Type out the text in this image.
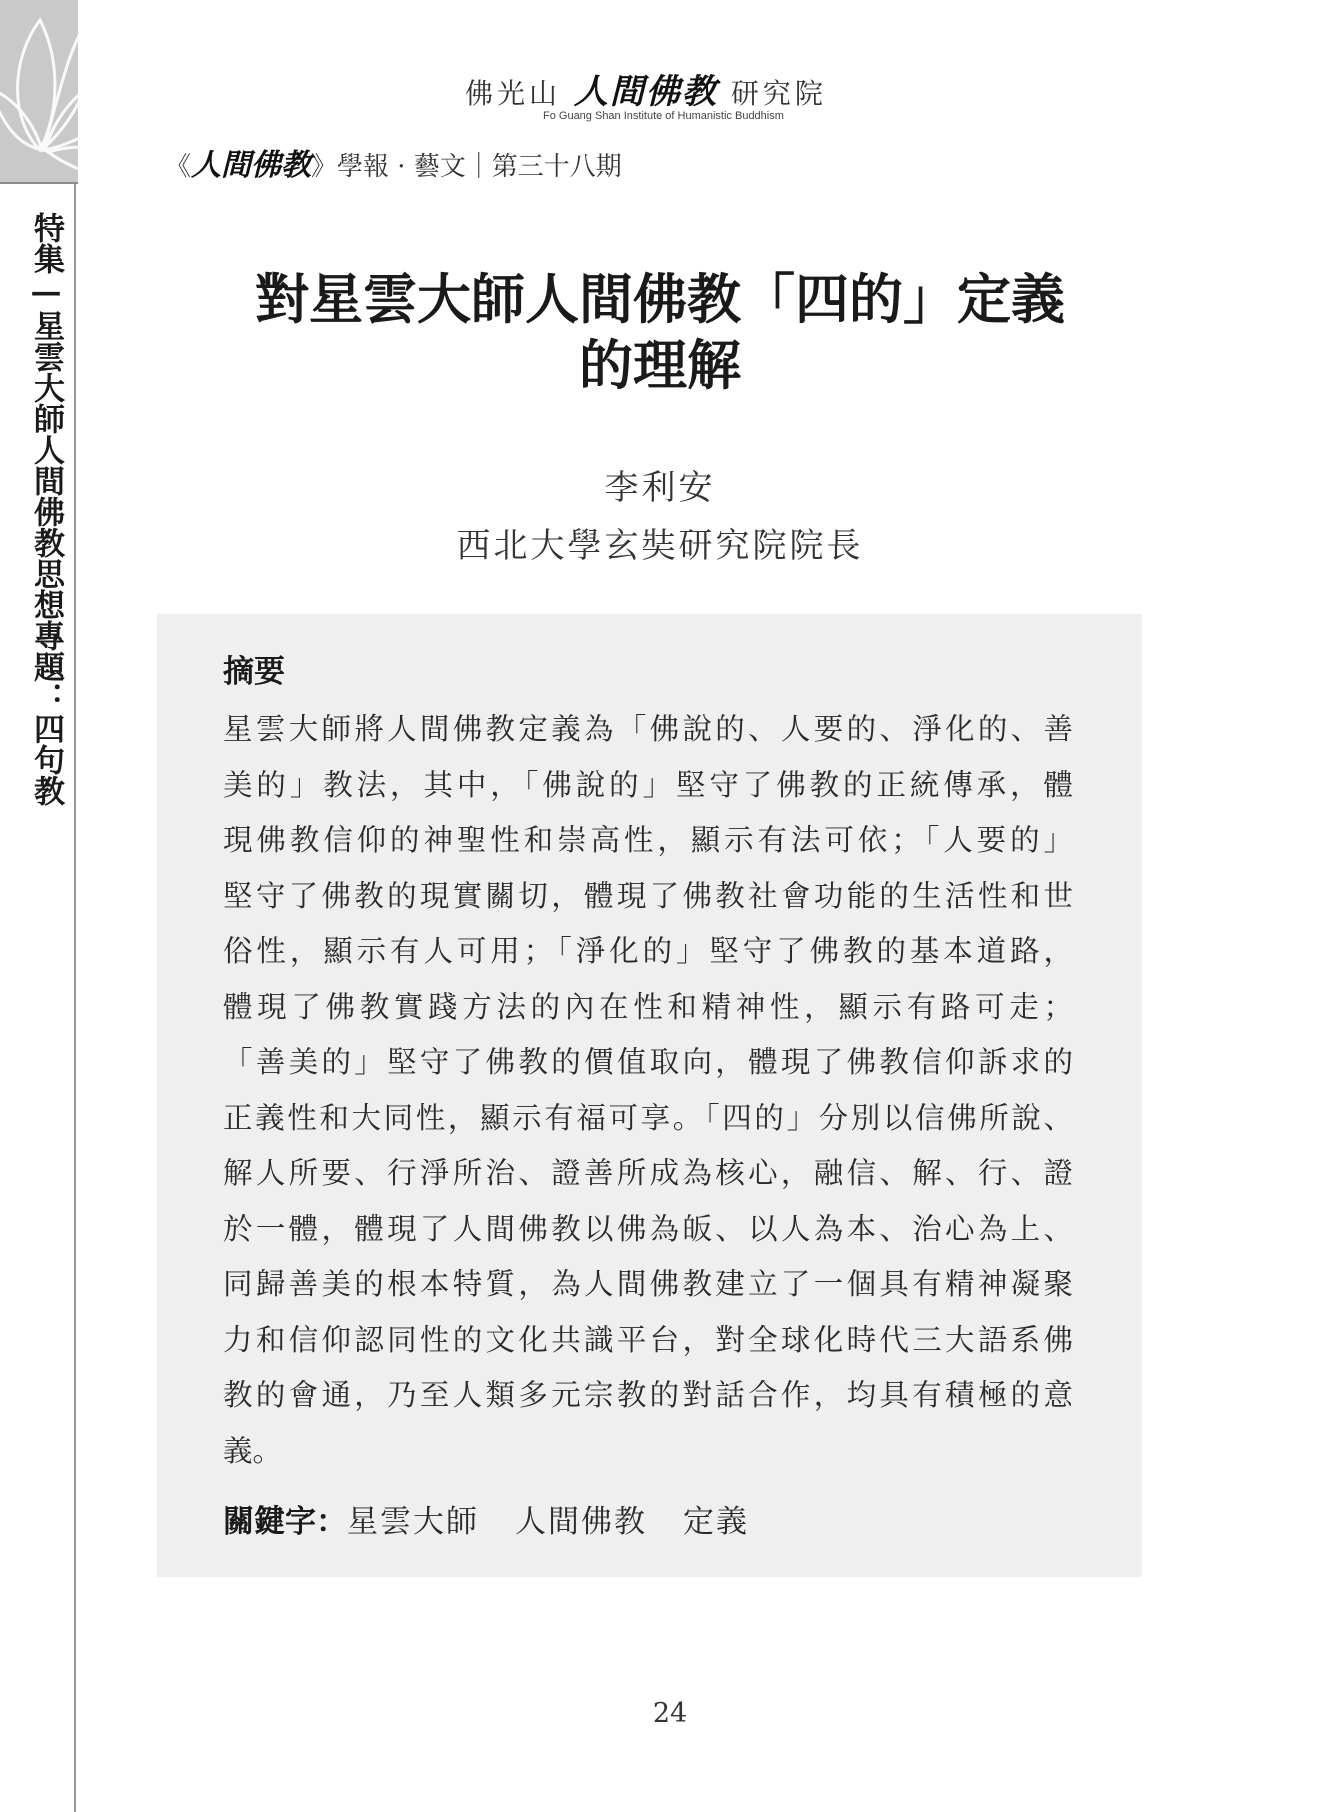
特集—星雲大師人間佛教思想專題：四句教
佛光山 人間佛教 研究院
Fo Guang Shan Institute of Humanistic Buddhism
《人間佛教》學報 · 藝文｜第三十八期
對星雲大師人間佛教「四的」定義
的理解
李利安
西北大學玄奘研究院院長
摘要
星雲大師將人間佛教定義為「佛說的、人要的、淨化的、善
美的」教法，其中，「佛說的」堅守了佛教的正統傳承，體
現佛教信仰的神聖性和崇高性，顯示有法可依；「人要的」
堅守了佛教的現實關切，體現了佛教社會功能的生活性和世
俗性，顯示有人可用；「淨化的」堅守了佛教的基本道路，
體現了佛教實踐方法的內在性和精神性，顯示有路可走；
「善美的」堅守了佛教的價值取向，體現了佛教信仰訴求的
正義性和大同性，顯示有福可享。「四的」分別以信佛所說、
解人所要、行淨所治、證善所成為核心，融信、解、行、證
於一體，體現了人間佛教以佛為皈、以人為本、治心為上、
同歸善美的根本特質，為人間佛教建立了一個具有精神凝聚
力和信仰認同性的文化共識平台，對全球化時代三大語系佛
教的會通，乃至人類多元宗教的對話合作，均具有積極的意
義。
關鍵字：星雲大師 人間佛教 定義
24
